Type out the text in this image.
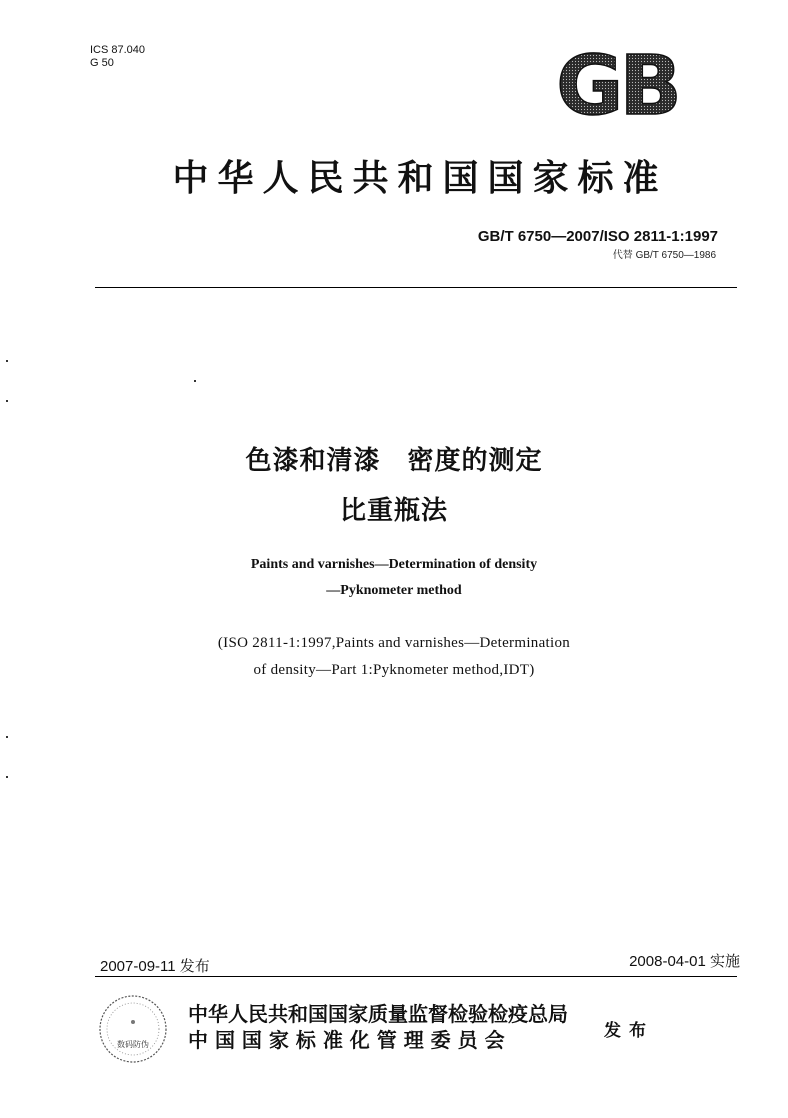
ICS 87.040
G 50	GB
中华人民共和国国家标准
GB/T 6750—2007/ISO 2811-1:1997
代替 GB/T 6750—1986
色漆和清漆　密度的测定
比重瓶法
Paints and varnishes—Determination of density
—Pyknometer method
(ISO 2811-1:1997,Paints and varnishes—Determination
of density—Part 1:Pyknometer method,IDT)
2007-09-11 发布	2008-04-01 实施
数码防伪
中华人民共和国国家质量监督检验检疫总局
中 国 国 家 标 准 化 管 理 委 员 会	发布
